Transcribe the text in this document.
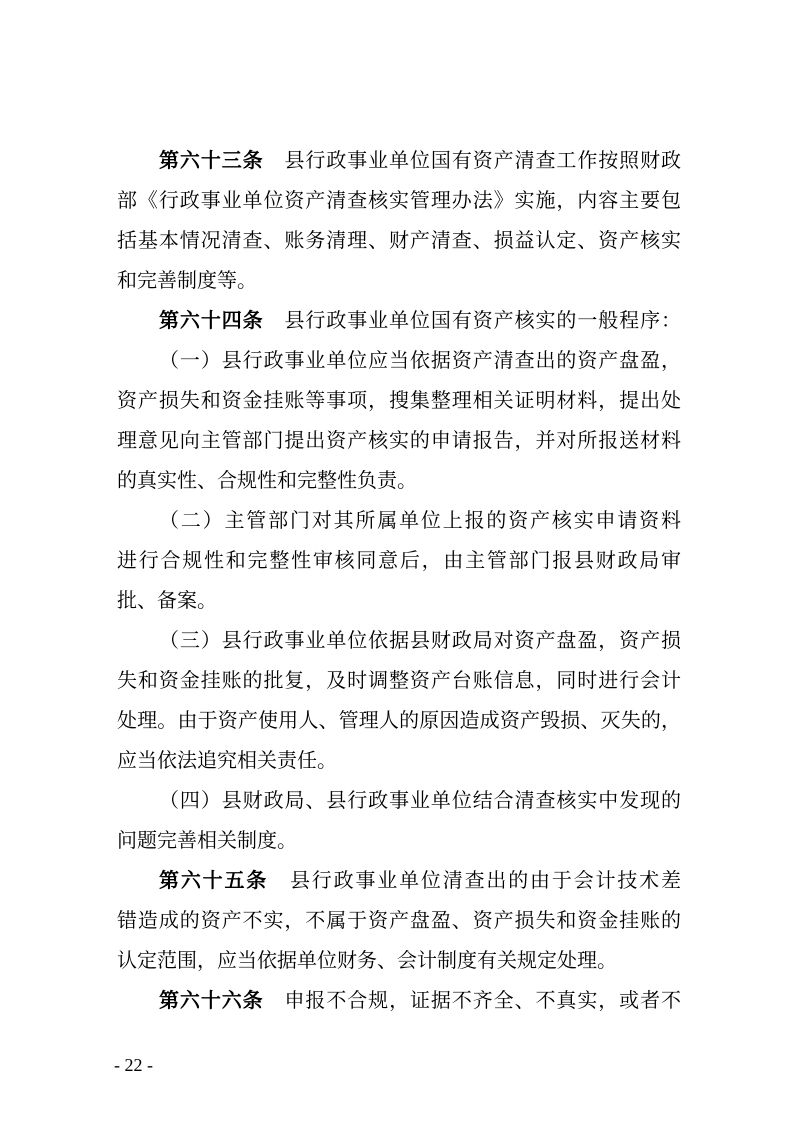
第六十三条 县行政事业单位国有资产清查工作按照财政
部《行政事业单位资产清查核实管理办法》实施，内容主要包
括基本情况清查、账务清理、财产清查、损益认定、资产核实
和完善制度等。
第六十四条 县行政事业单位国有资产核实的一般程序：
（一）县行政事业单位应当依据资产清查出的资产盘盈，
资产损失和资金挂账等事项，搜集整理相关证明材料，提出处
理意见向主管部门提出资产核实的申请报告，并对所报送材料
的真实性、合规性和完整性负责。
（二）主管部门对其所属单位上报的资产核实申请资料
进行合规性和完整性审核同意后，由主管部门报县财政局审
批、备案。
（三）县行政事业单位依据县财政局对资产盘盈，资产损
失和资金挂账的批复，及时调整资产台账信息，同时进行会计
处理。由于资产使用人、管理人的原因造成资产毁损、灭失的，
应当依法追究相关责任。
（四）县财政局、县行政事业单位结合清查核实中发现的
问题完善相关制度。
第六十五条 县行政事业单位清查出的由于会计技术差
错造成的资产不实，不属于资产盘盈、资产损失和资金挂账的
认定范围，应当依据单位财务、会计制度有关规定处理。
第六十六条 申报不合规，证据不齐全、不真实，或者不
- 22 -
